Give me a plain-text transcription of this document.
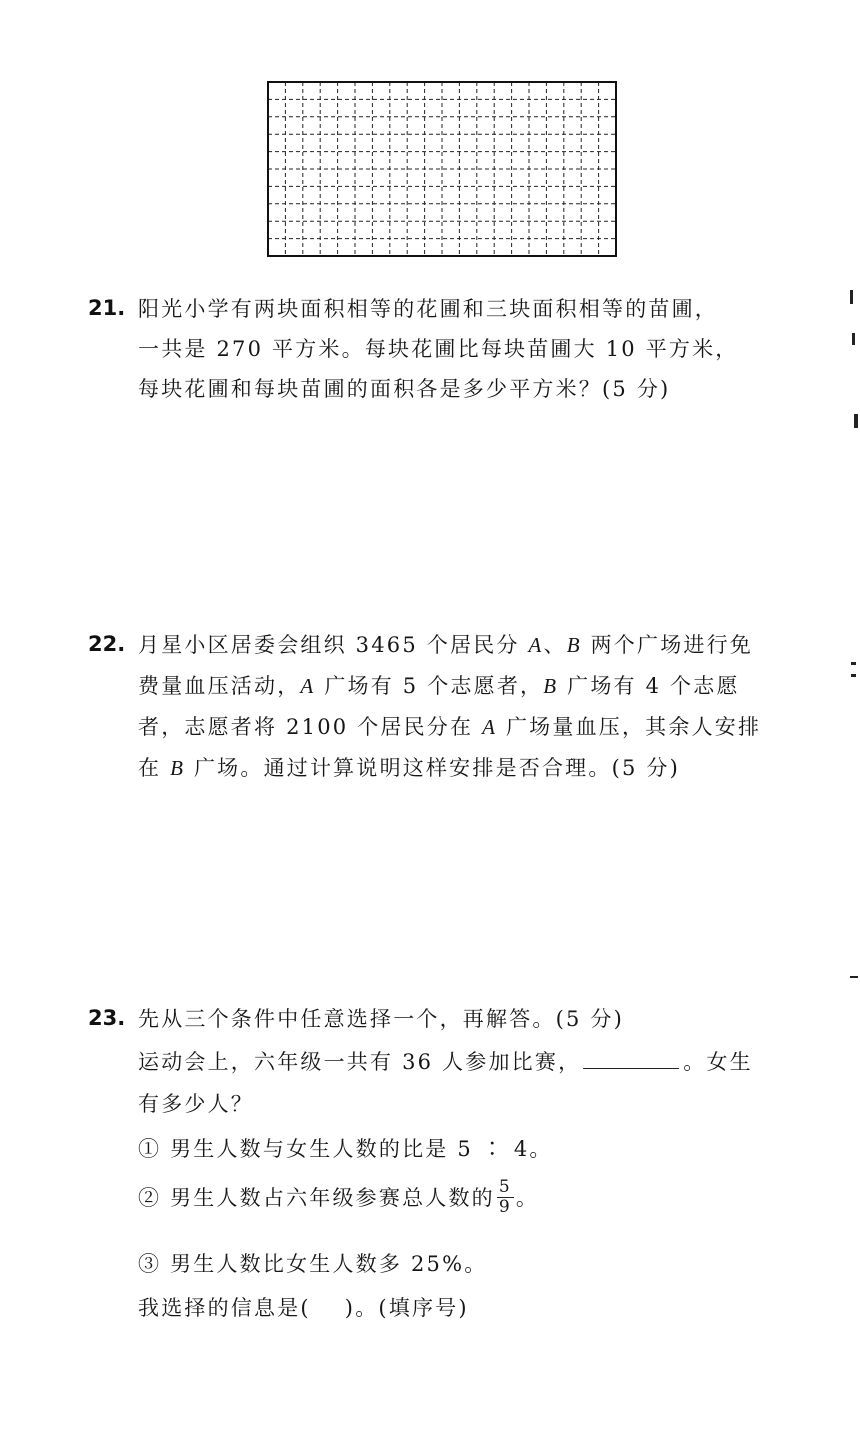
21. 阳光小学有两块面积相等的花圃和三块面积相等的苗圃，
一共是 270 平方米。每块花圃比每块苗圃大 10 平方米，
每块花圃和每块苗圃的面积各是多少平方米？(5 分)
22. 月星小区居委会组织 3465 个居民分 A、B 两个广场进行免
费量血压活动，A 广场有 5 个志愿者，B 广场有 4 个志愿
者，志愿者将 2100 个居民分在 A 广场量血压，其余人安排
在 B 广场。通过计算说明这样安排是否合理。(5 分)
23. 先从三个条件中任意选择一个，再解答。(5 分)
运动会上，六年级一共有 36 人参加比赛，	。女生
有多少人？
① 男生人数与女生人数的比是 5 ∶ 4。
② 男生人数占六年级参赛总人数的 $\frac{5}{9}$ 。
③ 男生人数比女生人数多 25%。
我选择的信息是( )。(填序号)
